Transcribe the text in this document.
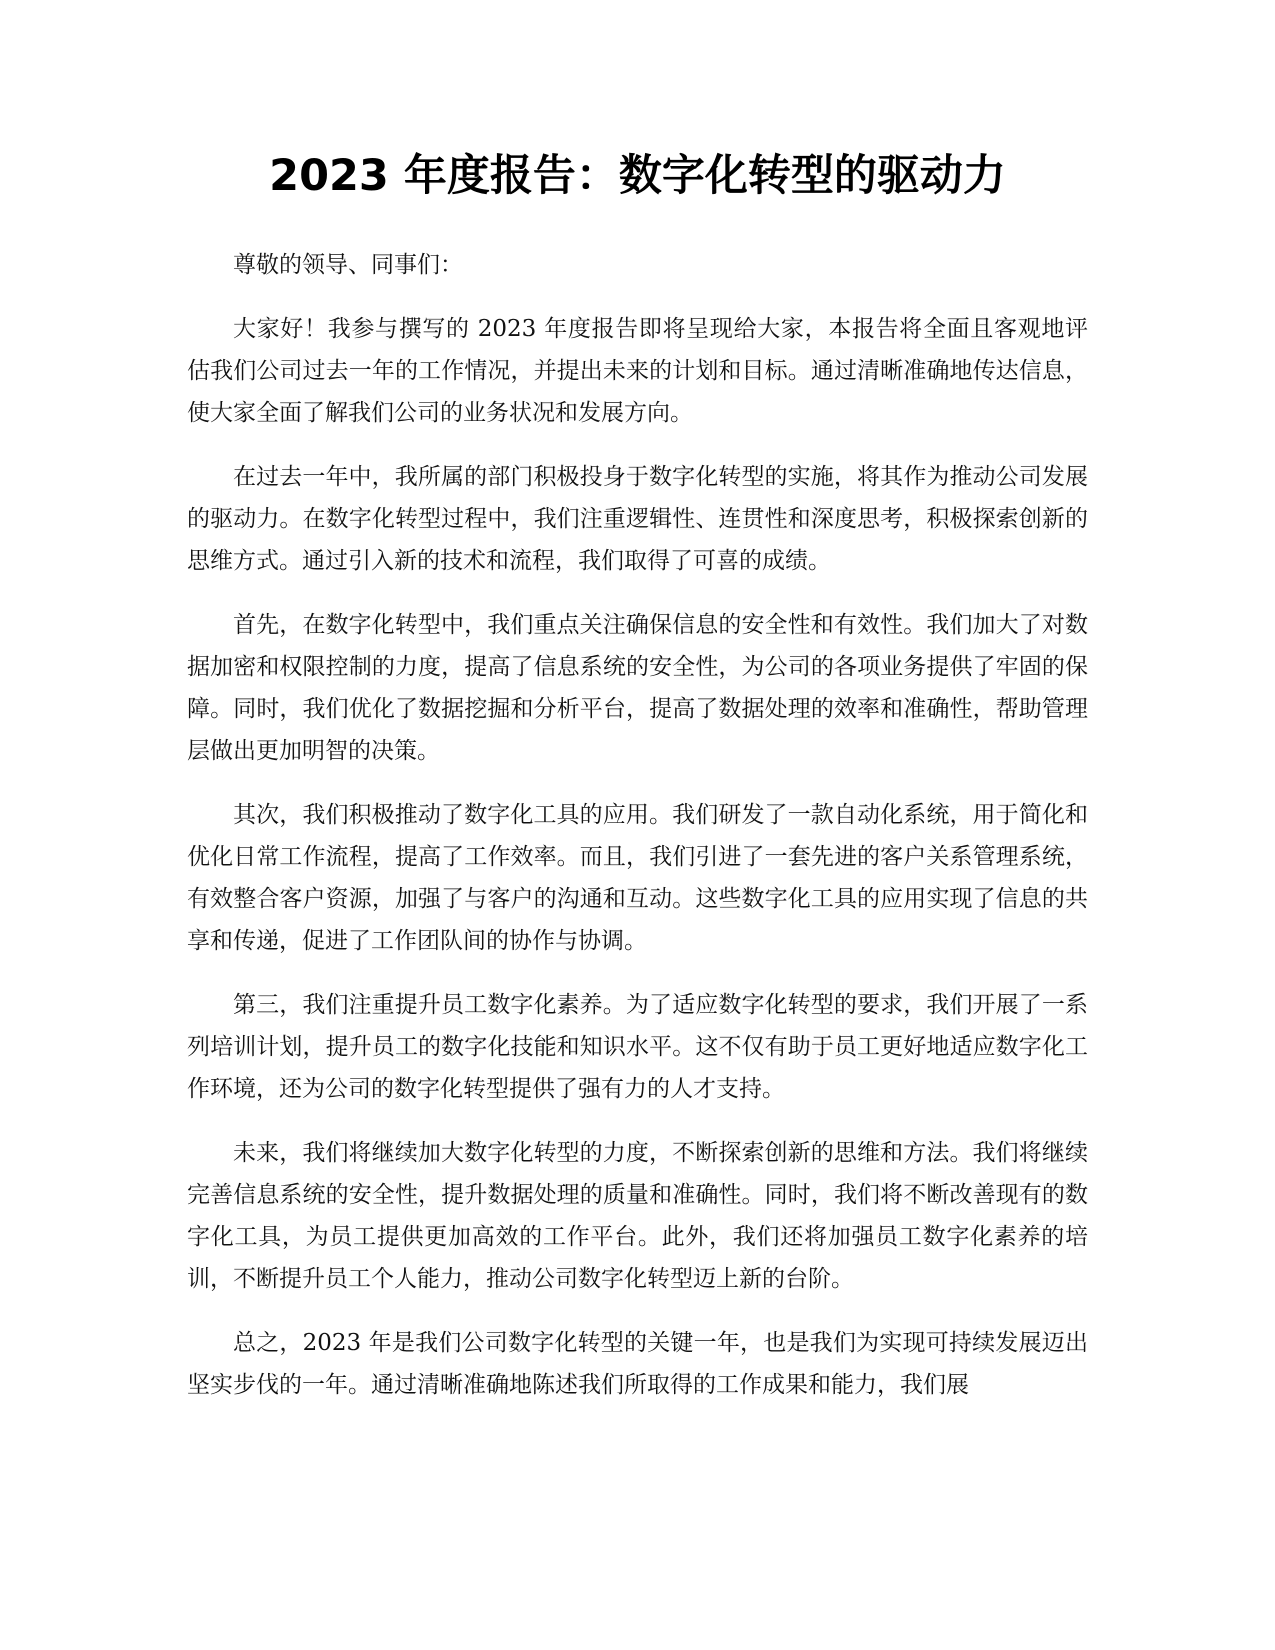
2023 年度报告：数字化转型的驱动力

尊敬的领导、同事们：

大家好！我参与撰写的 2023 年度报告即将呈现给大家，本报告将全面且客观地评估我们公司过去一年的工作情况，并提出未来的计划和目标。通过清晰准确地传达信息，使大家全面了解我们公司的业务状况和发展方向。

在过去一年中，我所属的部门积极投身于数字化转型的实施，将其作为推动公司发展的驱动力。在数字化转型过程中，我们注重逻辑性、连贯性和深度思考，积极探索创新的思维方式。通过引入新的技术和流程，我们取得了可喜的成绩。

首先，在数字化转型中，我们重点关注确保信息的安全性和有效性。我们加大了对数据加密和权限控制的力度，提高了信息系统的安全性，为公司的各项业务提供了牢固的保障。同时，我们优化了数据挖掘和分析平台，提高了数据处理的效率和准确性，帮助管理层做出更加明智的决策。

其次，我们积极推动了数字化工具的应用。我们研发了一款自动化系统，用于简化和优化日常工作流程，提高了工作效率。而且，我们引进了一套先进的客户关系管理系统，有效整合客户资源，加强了与客户的沟通和互动。这些数字化工具的应用实现了信息的共享和传递，促进了工作团队间的协作与协调。

第三，我们注重提升员工数字化素养。为了适应数字化转型的要求，我们开展了一系列培训计划，提升员工的数字化技能和知识水平。这不仅有助于员工更好地适应数字化工作环境，还为公司的数字化转型提供了强有力的人才支持。

未来，我们将继续加大数字化转型的力度，不断探索创新的思维和方法。我们将继续完善信息系统的安全性，提升数据处理的质量和准确性。同时，我们将不断改善现有的数字化工具，为员工提供更加高效的工作平台。此外，我们还将加强员工数字化素养的培训，不断提升员工个人能力，推动公司数字化转型迈上新的台阶。

总之，2023 年是我们公司数字化转型的关键一年，也是我们为实现可持续发展迈出坚实步伐的一年。通过清晰准确地陈述我们所取得的工作成果和能力，我们展
